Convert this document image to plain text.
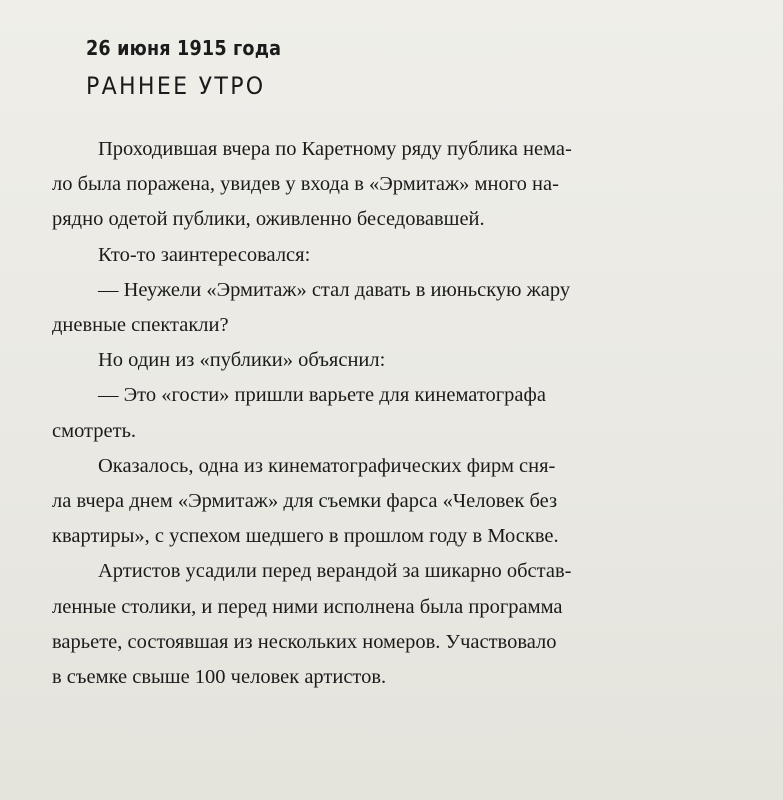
26 июня 1915 года
РАННЕЕ УТРО
Проходившая вчера по Каретному ряду публика нема-
ло была поражена, увидев у входа в «Эрмитаж» много на-
рядно одетой публики, оживленно беседовавшей.
Кто-то заинтересовался:
— Неужели «Эрмитаж» стал давать в июньскую жару
дневные спектакли?
Но один из «публики» объяснил:
— Это «гости» пришли варьете для кинематографа
смотреть.
Оказалось, одна из кинематографических фирм сня-
ла вчера днем «Эрмитаж» для съемки фарса «Человек без
квартиры», с успехом шедшего в прошлом году в Москве.
Артистов усадили перед верандой за шикарно обстав-
ленные столики, и перед ними исполнена была программа
варьете, состоявшая из нескольких номеров. Участвовало
в съемке свыше 100 человек артистов.
